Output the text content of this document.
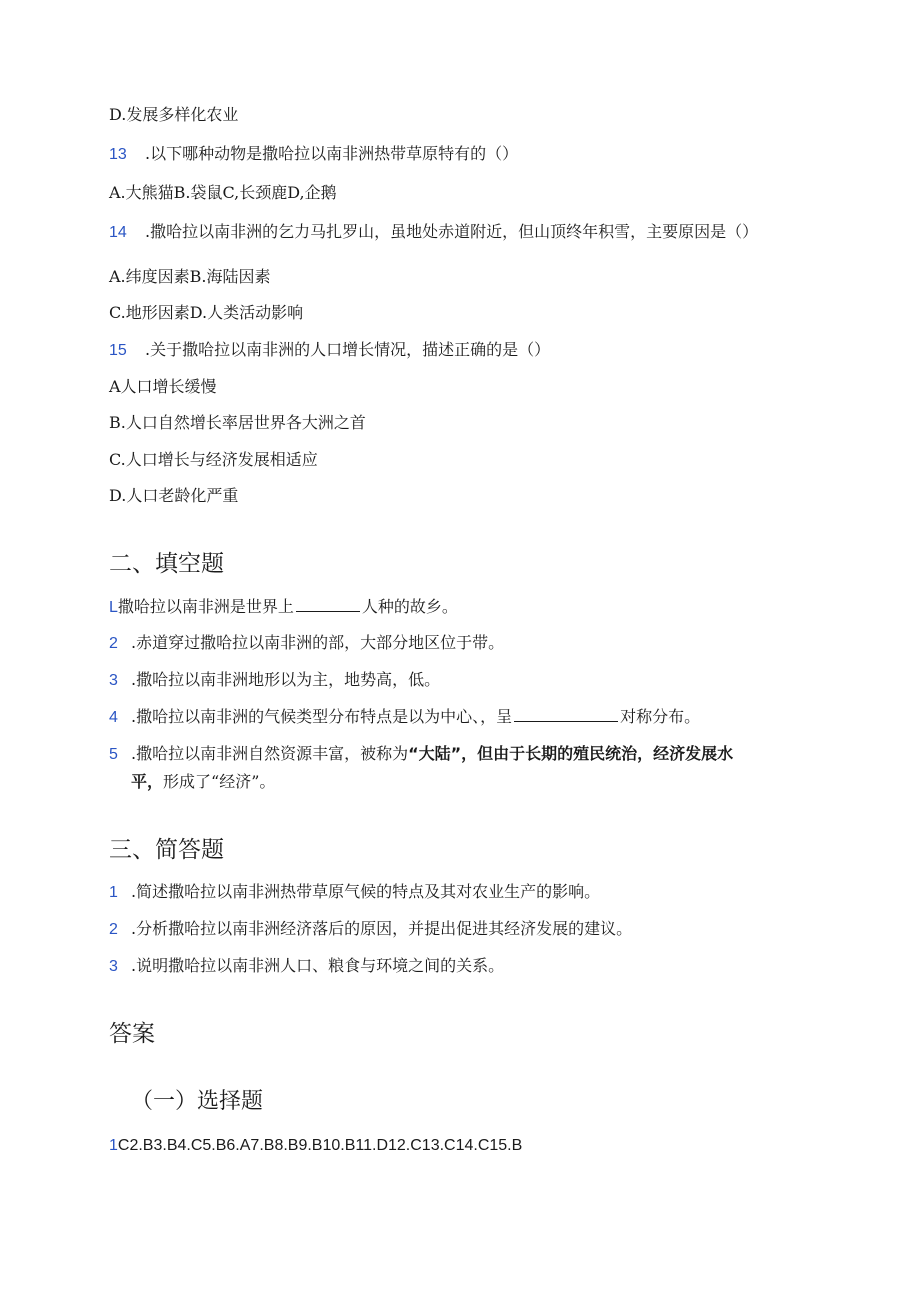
D.发展多样化农业
13 .以下哪种动物是撒哈拉以南非洲热带草原特有的（）
A.大熊猫B.袋鼠C,长颈鹿D,企鹅
14 .撒哈拉以南非洲的乞力马扎罗山，虽地处赤道附近，但山顶终年积雪，主要原因是（）
A.纬度因素B.海陆因素
C.地形因素D.人类活动影响
15 .关于撒哈拉以南非洲的人口增长情况，描述正确的是（）
A人口增长缓慢
B.人口自然增长率居世界各大洲之首
C.人口增长与经济发展相适应
D.人口老龄化严重
二、填空题
L撒哈拉以南非洲是世界上	人种的故乡。
2 .赤道穿过撒哈拉以南非洲的部，大部分地区位于带。
3 .撒哈拉以南非洲地形以为主，地势高，低。
4 .撒哈拉以南非洲的气候类型分布特点是以为中心、，呈	对称分布。
5 .撒哈拉以南非洲自然资源丰富，被称为“大陆”，但由于长期的殖民统治，经济发展水
平，形成了“经济”。
三、简答题
1 .简述撒哈拉以南非洲热带草原气候的特点及其对农业生产的影响。
2 .分析撒哈拉以南非洲经济落后的原因，并提出促进其经济发展的建议。
3 .说明撒哈拉以南非洲人口、粮食与环境之间的关系。
答案
（一）选择题
1C2.B3.B4.C5.B6.A7.B8.B9.B10.B11.D12.C13.C14.C15.B
